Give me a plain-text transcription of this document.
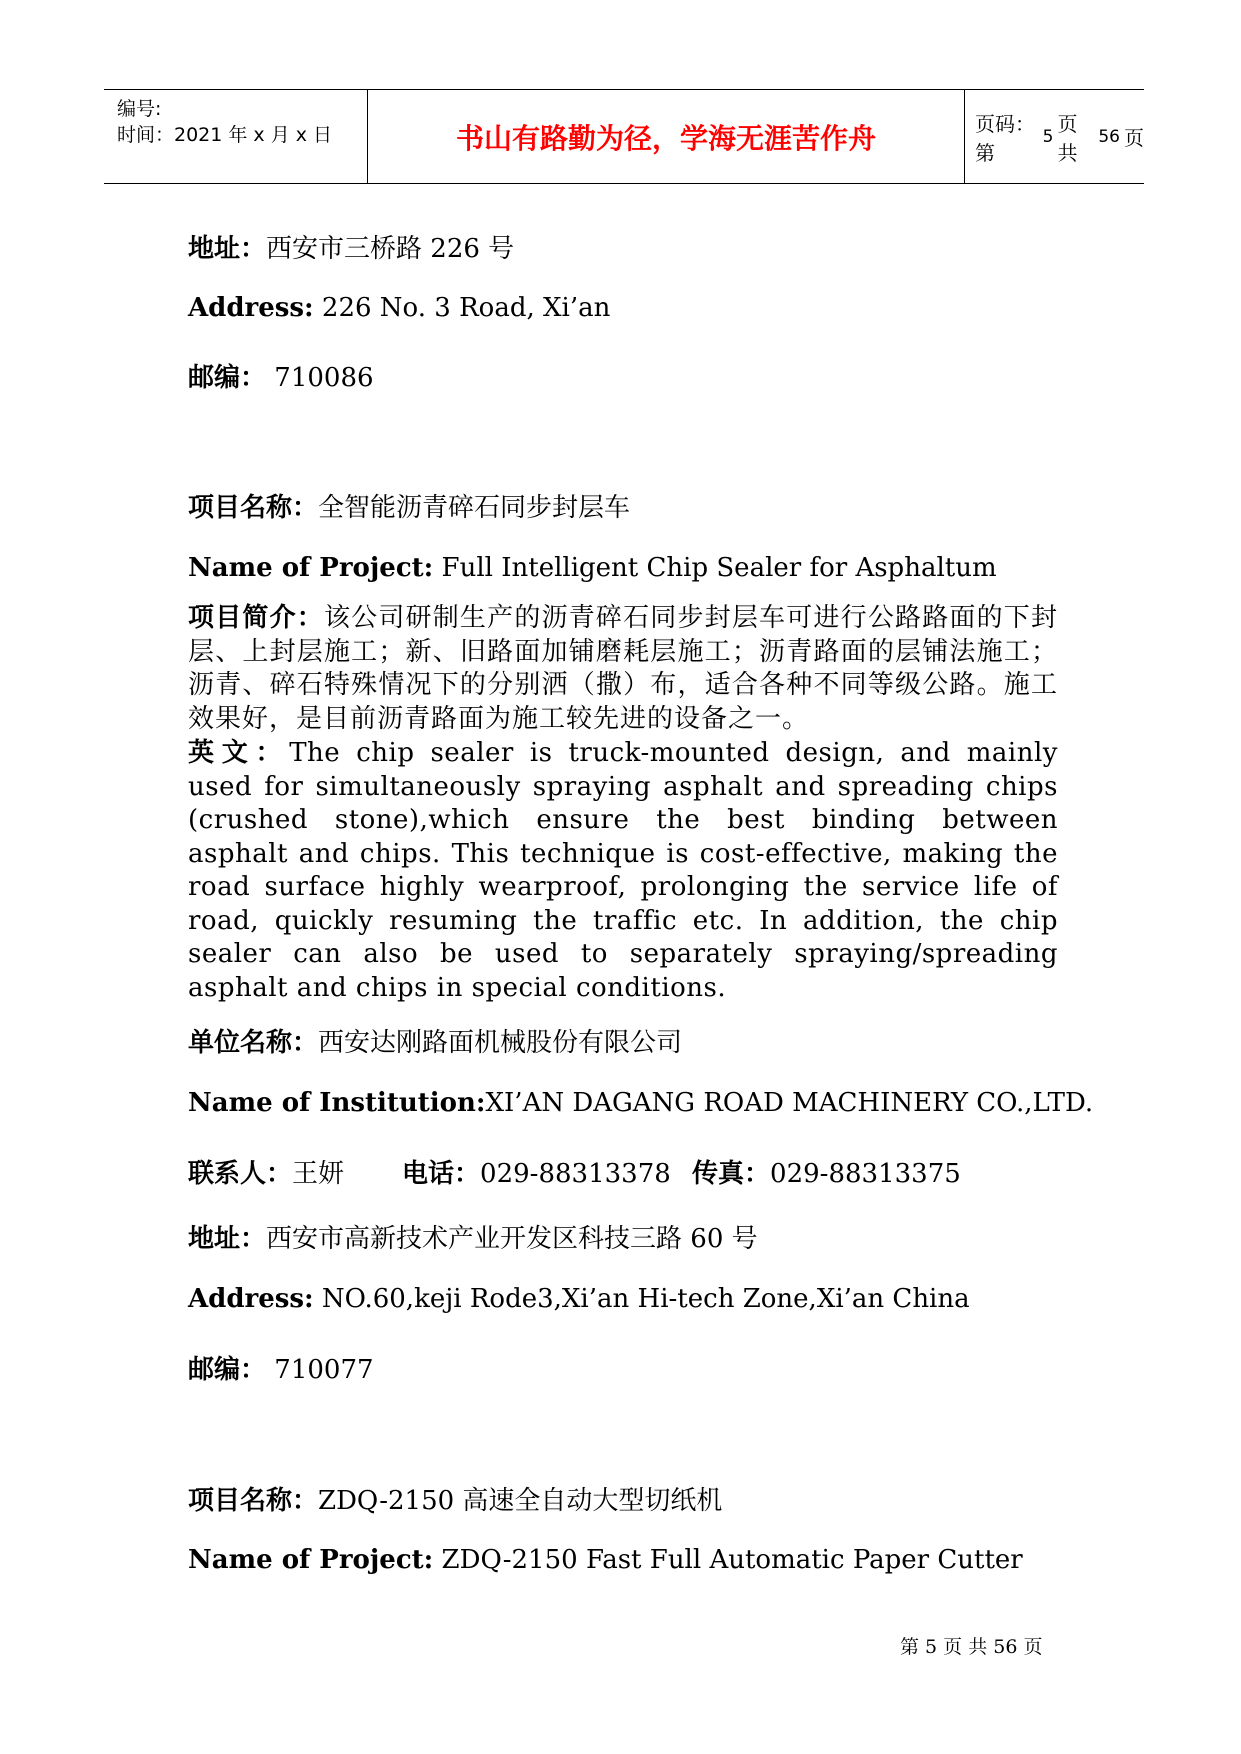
编号:
时间：2021 年 x 月 x 日	书山有路勤为径，学海无涯苦作舟	页码：第
5
页 共
56 页
地址：西安市三桥路 226 号
Address: 226 No. 3 Road, Xi’an
邮编： 710086
项目名称：全智能沥青碎石同步封层车
Name of Project: Full Intelligent Chip Sealer for Asphaltum
项目简介：该公司研制生产的沥青碎石同步封层车可进行公路路面的下封层、上封层施工；新、旧路面加铺磨耗层施工；沥青路面的层铺法施工；沥青、碎石特殊情况下的分别洒（撒）布，适合各种不同等级公路。施工效果好，是目前沥青路面为施工较先进的设备之一。
英文：The chip sealer is truck-mounted design, and mainly used for simultaneously spraying asphalt and spreading chips (crushed stone),which ensure the best binding between asphalt and chips. This technique is cost-effective, making the road surface highly wearproof, prolonging the service life of road, quickly resuming the traffic etc. In addition, the chip sealer can also be used to separately spraying/spreading asphalt and chips in special conditions.
单位名称：西安达刚路面机械股份有限公司
Name of Institution:XI’AN DAGANG ROAD MACHINERY CO.,LTD.
联系人：王妍 电话：029-88313378 传真：029-88313375
地址：西安市高新技术产业开发区科技三路 60 号
Address: NO.60,keji Rode3,Xi’an Hi-tech Zone,Xi’an China
邮编： 710077
项目名称：ZDQ-2150 高速全自动大型切纸机
Name of Project: ZDQ-2150 Fast Full Automatic Paper Cutter
第 5 页 共 56 页
